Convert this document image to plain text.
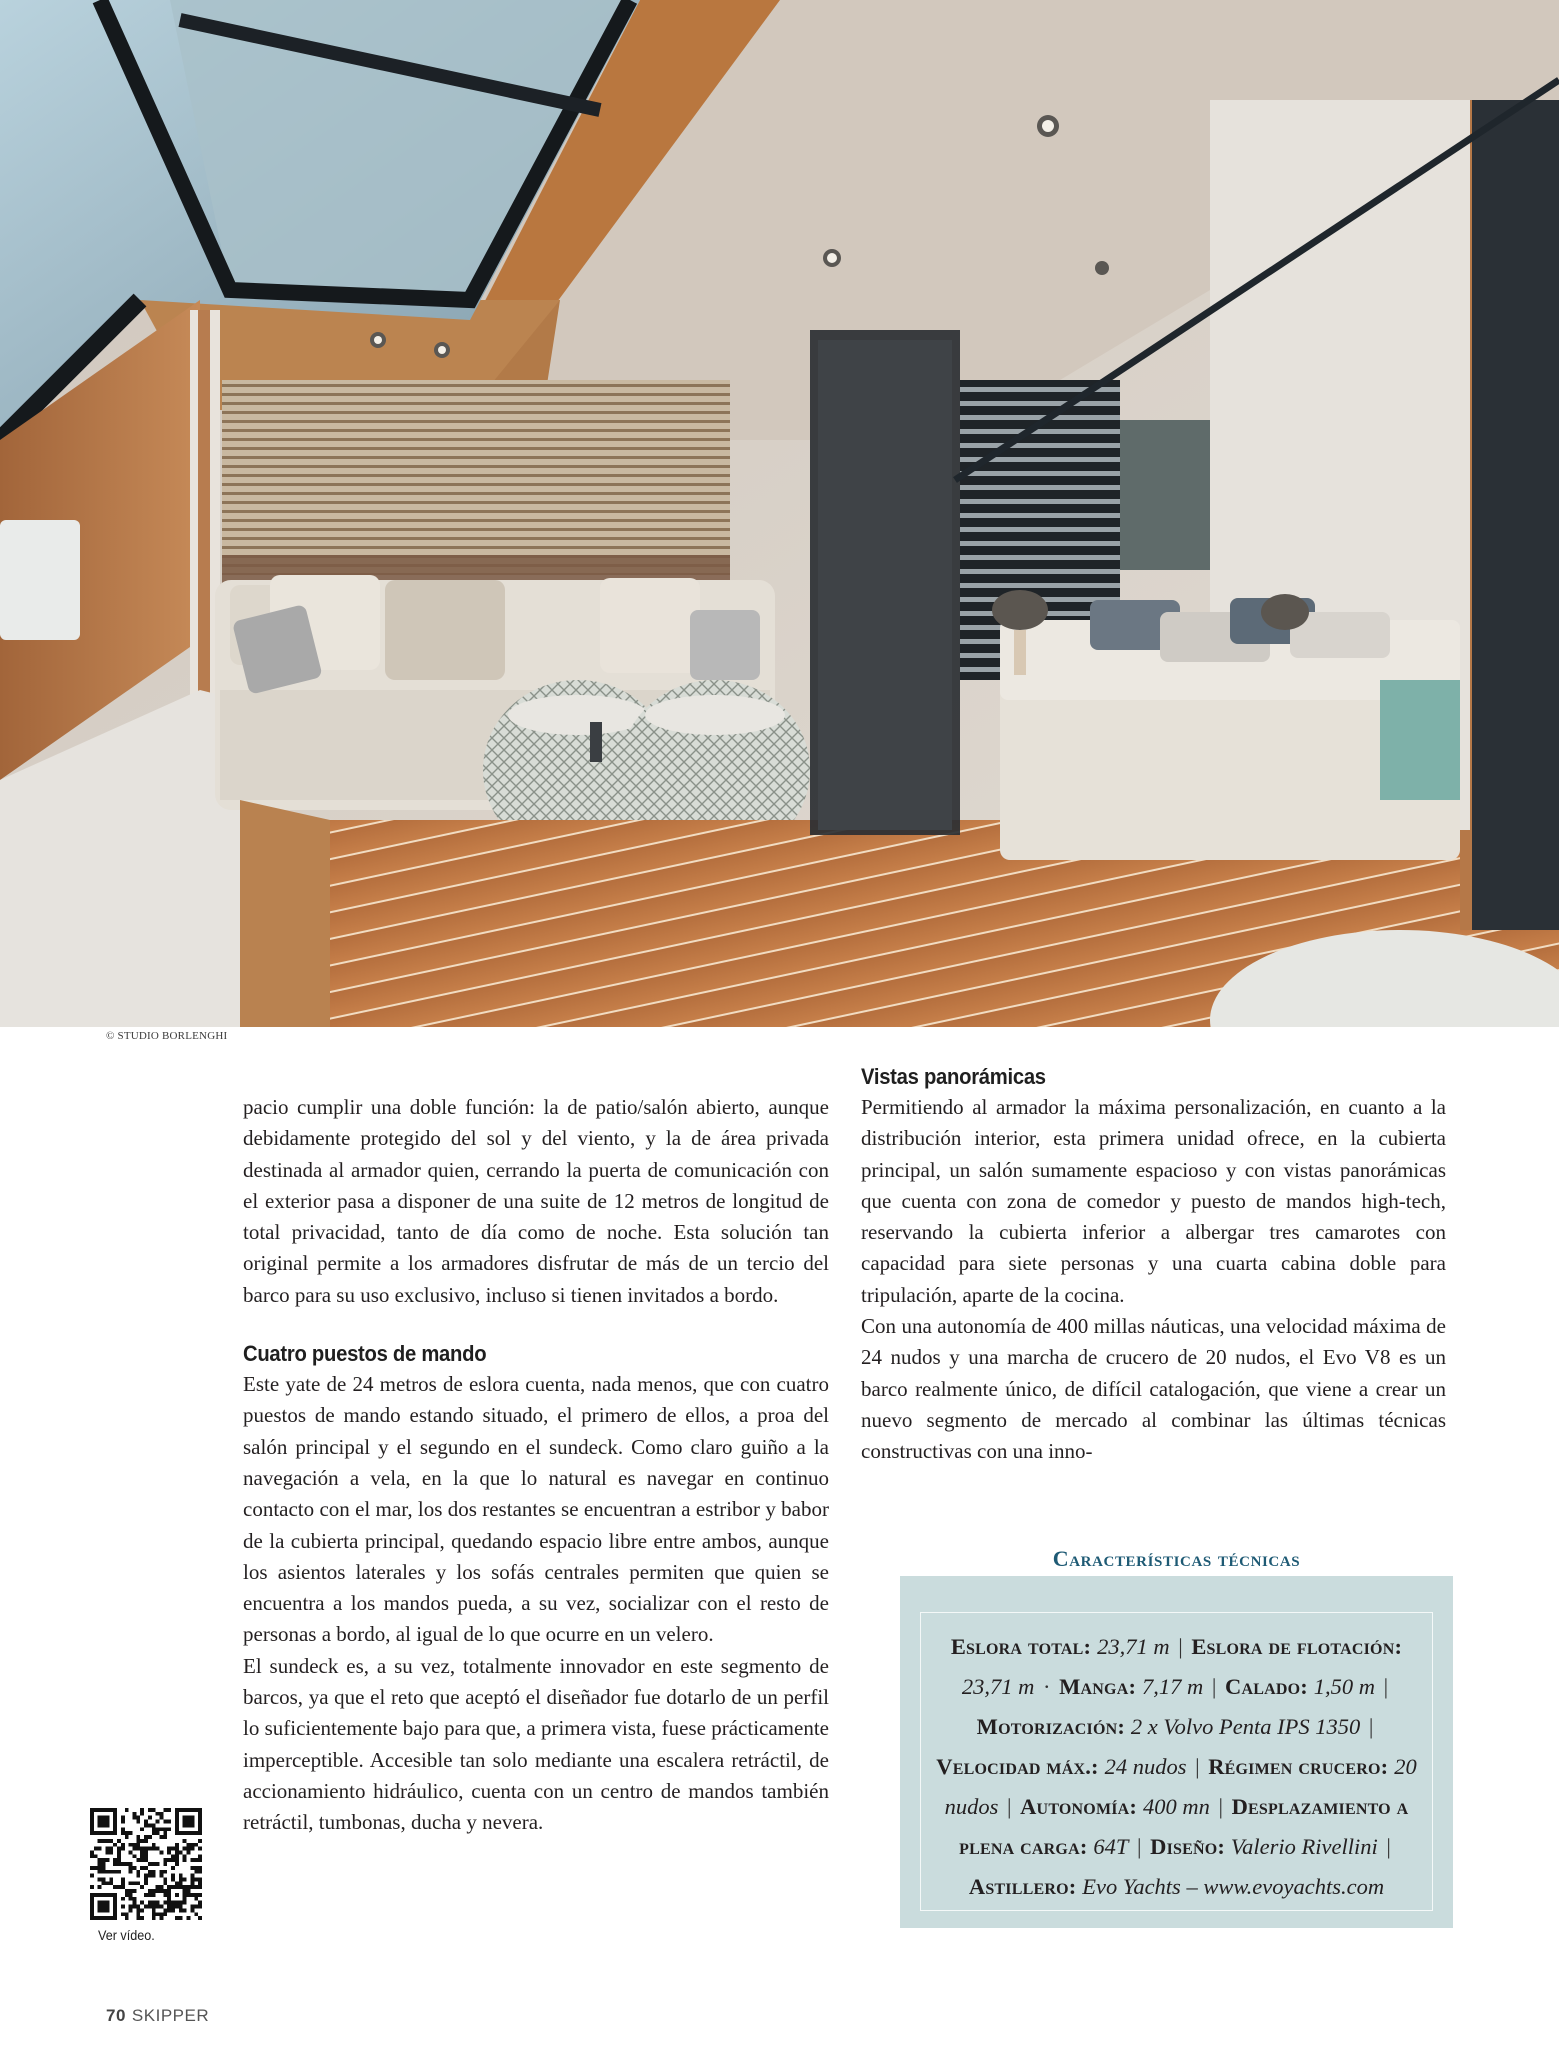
© STUDIO BORLENGHI

pacio cumplir una doble función: la de patio/salón abierto, aunque debidamente protegido del sol y del viento, y la de área privada destinada al armador quien, cerrando la puerta de comunicación con el exterior pasa a disponer de una suite de 12 metros de longitud de total privacidad, tanto de día como de noche. Esta solución tan original permite a los armadores disfrutar de más de un tercio del barco para su uso exclusivo, incluso si tienen invitados a bordo.

Cuatro puestos de mando

Este yate de 24 metros de eslora cuenta, nada menos, que con cuatro puestos de mando estando situado, el primero de ellos, a proa del salón principal y el segundo en el sundeck. Como claro guiño a la navegación a vela, en la que lo natural es navegar en continuo contacto con el mar, los dos restantes se encuentran a estribor y babor de la cubierta principal, quedando espacio libre entre ambos, aunque los asientos laterales y los sofás centrales permiten que quien se encuentra a los mandos pueda, a su vez, socializar con el resto de personas a bordo, al igual de lo que ocurre en un velero.

El sundeck es, a su vez, totalmente innovador en este segmento de barcos, ya que el reto que aceptó el diseñador fue dotarlo de un perfil lo suficientemente bajo para que, a primera vista, fuese prácticamente imperceptible. Accesible tan solo mediante una escalera retráctil, de accionamiento hidráulico, cuenta con un centro de mandos también retráctil, tumbonas, ducha y nevera.

Vistas panorámicas

Permitiendo al armador la máxima personalización, en cuanto a la distribución interior, esta primera unidad ofrece, en la cubierta principal, un salón sumamente espacioso y con vistas panorámicas que cuenta con zona de comedor y puesto de mandos high-tech, reservando la cubierta inferior a albergar tres camarotes con capacidad para siete personas y una cuarta cabina doble para tripulación, aparte de la cocina.

Con una autonomía de 400 millas náuticas, una velocidad máxima de 24 nudos y una marcha de crucero de 20 nudos, el Evo V8 es un barco realmente único, de difícil catalogación, que viene a crear un nuevo segmento de mercado al combinar las últimas técnicas constructivas con una inno-

Características técnicas
Eslora total: 23,71 m | Eslora de flotación: 23,71 m · Manga: 7,17 m | Calado: 1,50 m | Motorización: 2 x Volvo Penta IPS 1350 | Velocidad máx.: 24 nudos | Régimen crucero: 20 nudos | Autonomía: 400 mn | Desplazamiento a plena carga: 64T | Diseño: Valerio Rivellini | Astillero: Evo Yachts – www.evoyachts.com
Ver vídeo.
70 SKIPPER
